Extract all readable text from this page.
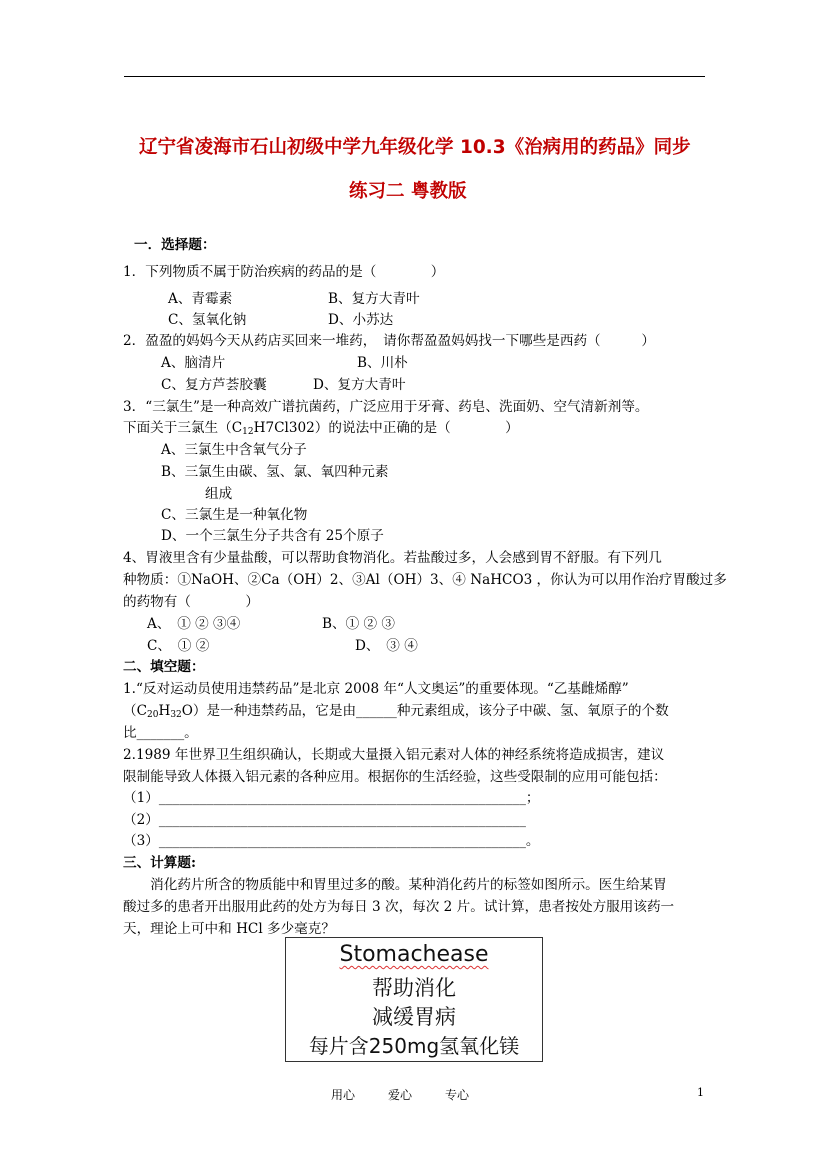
辽宁省凌海市石山初级中学九年级化学 10.3《治病用的药品》同步
练习二 粤教版
一．选择题：
1．下列物质不属于防治疾病的药品的是（　　　　）
A、青霉素	B、复方大青叶
C、氢氧化钠	D、小苏达
2．盈盈的妈妈今天从药店买回来一堆药，　请你帮盈盈妈妈找一下哪些是西药（　　　）
A、脑清片	B、川朴
C、复方芦荟胶囊	D、复方大青叶
3．“三氯生”是一种高效广谱抗菌药，广泛应用于牙膏、药皂、洗面奶、空气清新剂等。
下面关于三氯生$(C_{12}H7Cl302)$的说法中正确的是（　　　　）
A、三氯生中含氧气分子
B、三氯生由碳、氢、氯、氧四种元素
组成
C、三氯生是一种氧化物
D、一个三氯生分子共含有 25个原子
4、胃液里含有少量盐酸，可以帮助食物消化。若盐酸过多，人会感到胃不舒服。有下列几
种物质：①NaOH、②Ca（OH）2、③Al（OH）3、④ NaHCO3 ，你认为可以用作治疗胃酸过多
的药物有（　　　　）
A、　① ② ③④	B、① ② ③
C、　① ②	D、　③ ④
二、填空题：
1.“反对运动员使用违禁药品”是北京 2008 年“人文奥运”的重要体现。“乙基雌烯醇”
$(C_{20}H_{32}O)$是一种违禁药品，它是由______种元素组成，该分子中碳、氢、氧原子的个数
比_______。
2.1989 年世界卫生组织确认，长期或大量摄入铝元素对人体的神经系统将造成损害，建议
限制能导致人体摄入铝元素的各种应用。根据你的生活经验，这些受限制的应用可能包括：
（1）______________________________________________________；
（2）______________________________________________________
（3）______________________________________________________。
三、计算题:
　　消化药片所含的物质能中和胃里过多的酸。某种消化药片的标签如图所示。医生给某胃
酸过多的患者开出服用此药的处方为每日 3 次，每次 2 片。试计算，患者按处方服用该药一
天，理论上可中和 HCl 多少毫克？
Stomachease
帮助消化
减缓胃病
每片含250mg氢氧化镁
用心	爱心	专心	1
